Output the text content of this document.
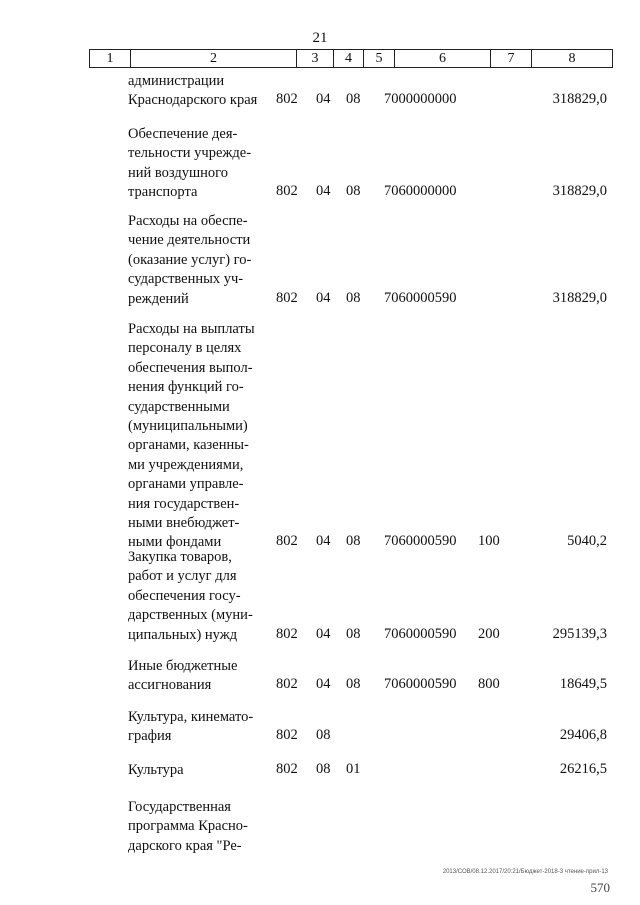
21
1	2	3	4	5	6	7	8
администрации
Краснодарского края	802 04 08 7000000000	318829,0
Обеспечение дея-
тельности учрежде-
ний воздушного
транспорта	802 04 08 7060000000	318829,0
Расходы на обеспе-
чение деятельности
(оказание услуг) го-
сударственных уч-
реждений	802 04 08 7060000590	318829,0
Расходы на выплаты
персоналу в целях
обеспечения выпол-
нения функций го-
сударственными
(муниципальными)
органами, казенны-
ми учреждениями,
органами управле-
ния государствен-
ными внебюджет-
ными фондами	802 04 08 7060000590 100	5040,2
Закупка товаров,
работ и услуг для
обеспечения госу-
дарственных (муни-
ципальных) нужд	802 04 08 7060000590 200	295139,3
Иные бюджетные
ассигнования	802 04 08 7060000590 800	18649,5
Культура, кинемато-
графия	802 08	29406,8
Культура	802 08 01	26216,5
Государственная
программа Красно-
дарского края "Ре-
2013/СОВ/08.12.2017/20:21/Бюджет-2018-3 чтение-прил-13
570
